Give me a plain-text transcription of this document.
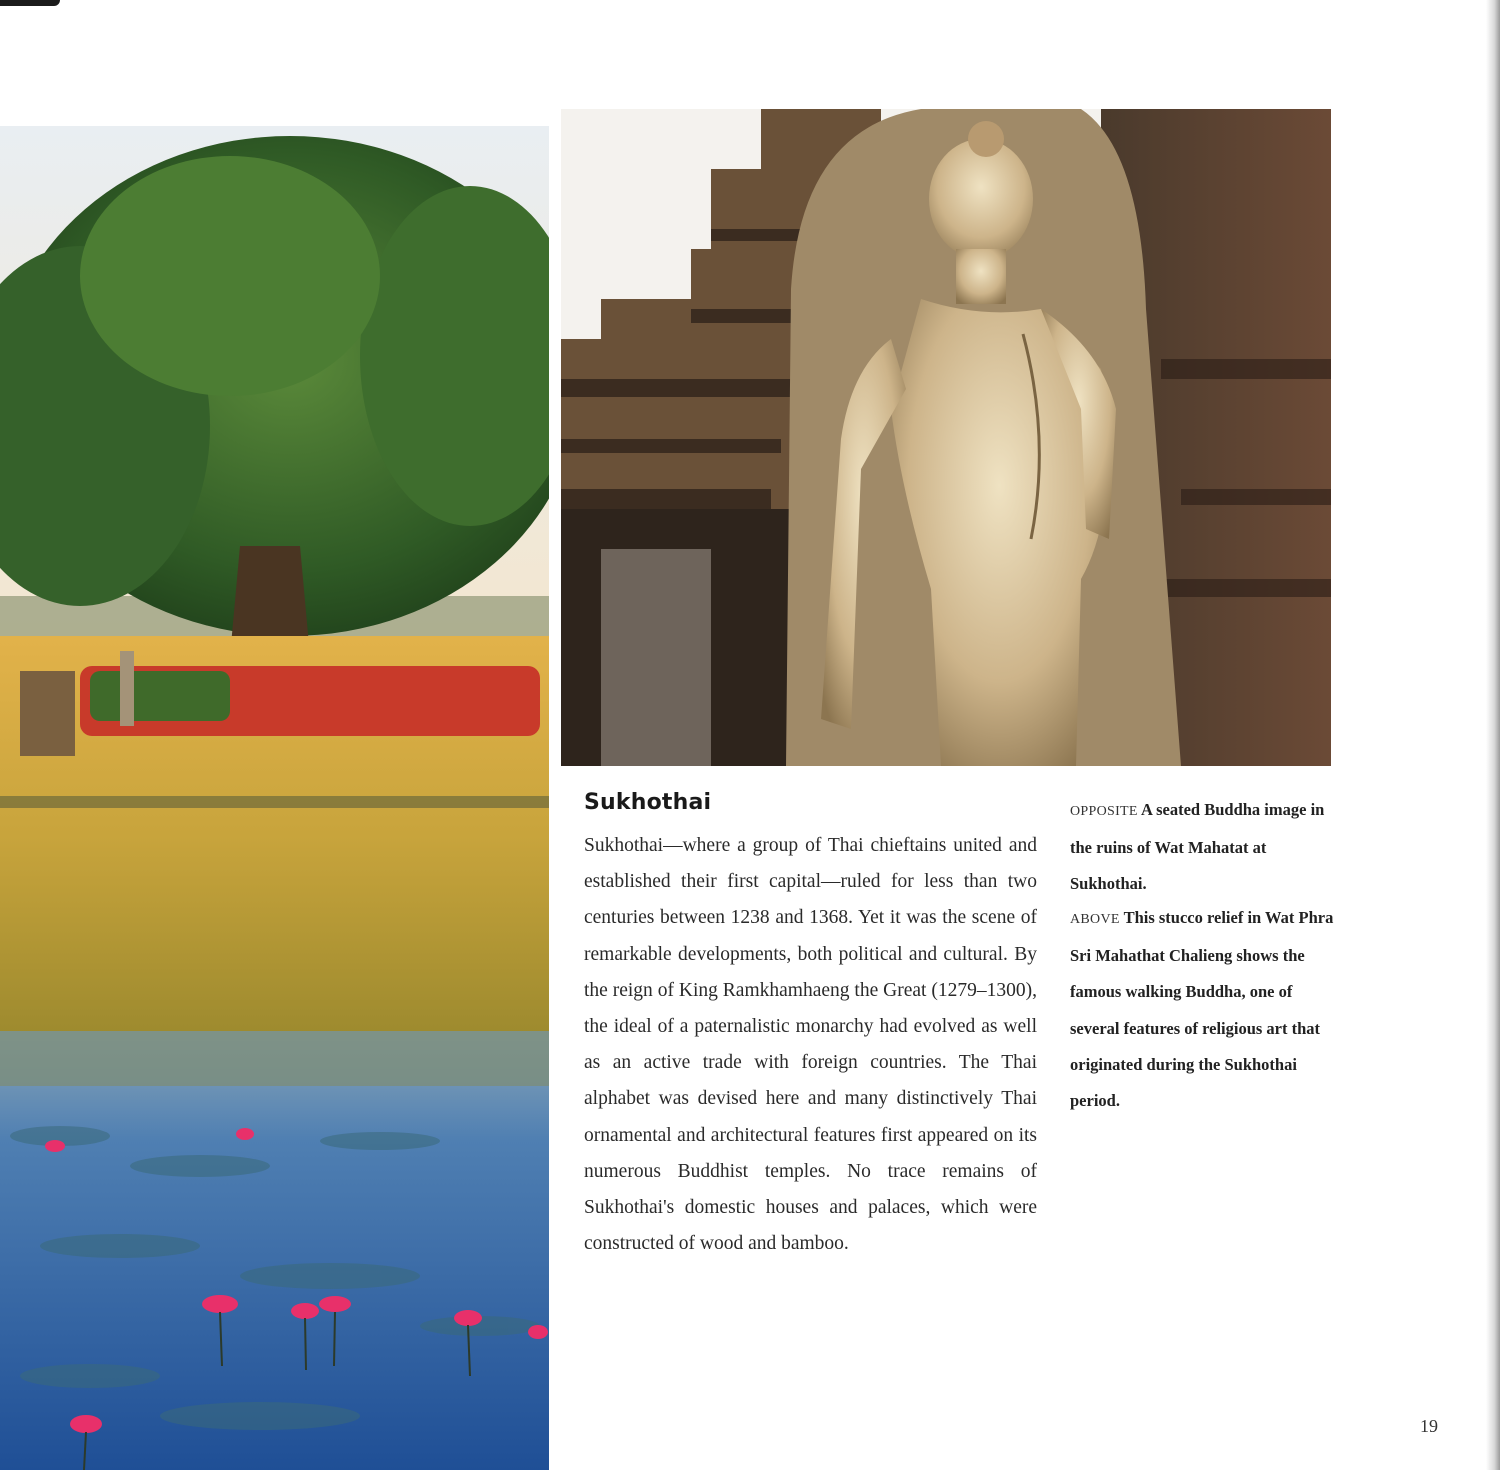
Sukhothai

Sukhothai—where a group of Thai chieftains united and established their first capital—ruled for less than two centuries between 1238 and 1368. Yet it was the scene of remarkable developments, both political and cultural. By the reign of King Ramkhamhaeng the Great (1279–1300), the ideal of a paternalistic monarchy had evolved as well as an active trade with foreign countries. The Thai alphabet was devised here and many distinctively Thai ornamental and architectural features first appeared on its numerous Buddhist temples. No trace remains of Sukhothai's domestic houses and palaces, which were constructed of wood and bamboo.

OPPOSITE A seated Buddha image in the ruins of Wat Mahatat at Sukhothai.

ABOVE This stucco relief in Wat Phra Sri Mahathat Chalieng shows the famous walking Buddha, one of several features of religious art that originated during the Sukhothai period.

19
